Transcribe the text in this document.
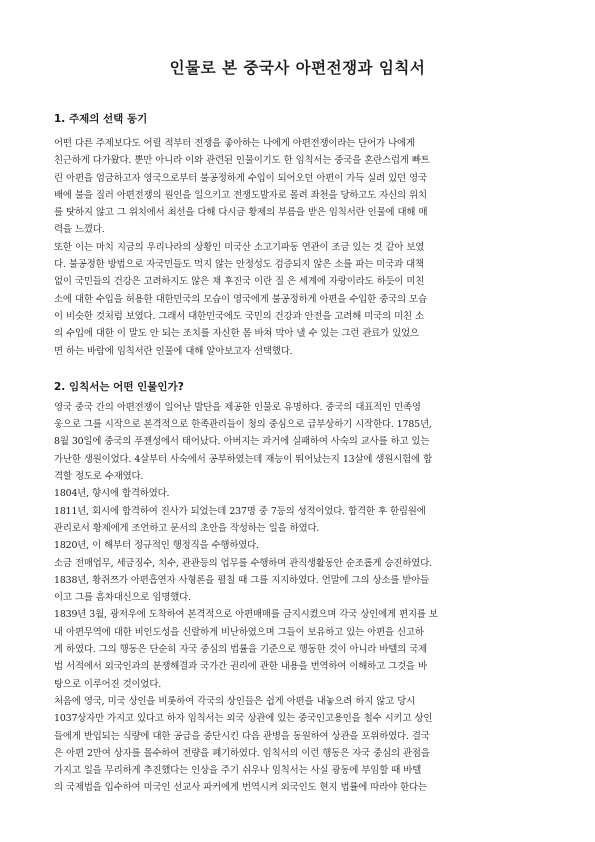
인물로 본 중국사 아편전쟁과 임칙서
1. 주제의 선택 동기

어떤 다른 주제보다도 어릴 적부터 전쟁을 좋아하는 나에게 아편전쟁이라는 단어가 나에게
친근하게 다가왔다. 뿐만 아니라 이와 관련된 인물이기도 한 임칙서는 중국을 혼란스럽게 빠트
린 아편을 엄금하고자 영국으로부터 불공정하게 수입이 되어오던 아편이 가득 실려 있던 영국
배에 불을 질러 아편전쟁의 원인을 일으키고 전쟁도발자로 몰려 좌천을 당하고도 자신의 위치
를 탓하지 않고 그 위치에서 최선을 다해 다시금 황제의 부름을 받은 임칙서란 인물에 대해 매
력을 느꼈다.

또한 이는 마치 지금의 우리나라의 상황인 미국산 소고기파동 연관이 조금 있는 것 같아 보였
다. 불공정한 방법으로 자국민들도 먹지 않는 안정성도 검증되지 않은 소를 파는 미국과 대책
없이 국민들의 건강은 고려하지도 않은 채 후진국 이란 질 은 세계에 자랑이라도 하듯이 미친
소에 대한 수입을 허용한 대한민국의 모습이 영국에게 불공정하게 아편을 수입한 중국의 모습
이 비슷한 것처럼 보였다. 그래서 대한민국에도 국민의 건강과 안전을 고려해 미국의 미친 소
의 수입에 대한 이 말도 안 되는 조치를 자신한 몸 바쳐 막아 낼 수 있는 그런 관료가 있었으
면 하는 바람에 임칙서란 인물에 대해 알아보고자 선택했다.

2. 임칙서는 어떤 인물인가?

영국 중국 간의 아편전쟁이 일어난 발단을 제공한 인물로 유명하다. 중국의 대표적인 민족영
웅으로 그를 시작으로 본격적으로 한족관리들이 청의 중심으로 급부상하기 시작한다. 1785년,
8월 30일에 중국의 푸젠성에서 태어났다. 아버지는 과거에 실패하여 사숙의 교사를 하고 있는
가난한 생원이었다. 4살부터 사숙에서 공부하였는데 재능이 뛰어났는지 13살에 생원시험에 합
격할 정도로 수재였다.

1804년, 향시에 합격하였다.

1811년, 회시에 합격하여 진사가 되었는데 237명 중 7등의 성적이었다. 합격한 후 한림원에
관리로서 황제에게 조언하고 문서의 초안을 작성하는 일을 하였다.

1820년, 이 해부터 정규적인 행정직을 수행하였다.

소금 전매업무, 세금징수, 치수, 관관등의 업무를 수행하며 관직생활동안 순조롭게 승진하였다.

1838년, 황쥐쯔가 아편흡연자 사형론을 펼칠 때 그를 지지하였다. 언말에 그의 상소를 받아들
이고 그를 흠차대신으로 임명했다.

1839년 3월, 광저우에 도착하여 본격적으로 아편매매를 금지시켰으며 각국 상인에게 편지를 보
내 아편무역에 대한 비인도성을 신랄하게 비난하였으며 그들이 보유하고 있는 아편을 신고하
게 하였다. 그의 행동은 단순히 자국 중심의 법률을 기준으로 행동한 것이 아니라 바텔의 국제
법 서적에서 외국인과의 분쟁해결과 국가간 권리에 관한 내용을 번역하여 이해하고 그것을 바
탕으로 이루어진 것이었다.

처음에 영국, 미국 상인을 비롯하여 각국의 상인들은 쉽게 아편을 내놓으려 하지 않고 당시
1037상자만 가지고 있다고 하자 임칙서는 외국 상관에 있는 중국인고용인을 철수 시키고 상인
들에게 반입되는 식량에 대한 공급을 중단시킨 다음 관병을 동원하여 상관을 포위하였다. 결국
은 아편 2만여 상자를 몰수하여 전량을 폐기하였다. 임칙서의 이런 행동은 자국 중심의 관점을
가지고 일을 무리하게 추진했다는 인상을 주기 쉬우나 임칙서는 사실 광동에 부임할 때 바텔
의 국제법을 입수하여 미국인 선교사 파커에게 번역시켜 외국인도 현지 법률에 따라야 한다는
